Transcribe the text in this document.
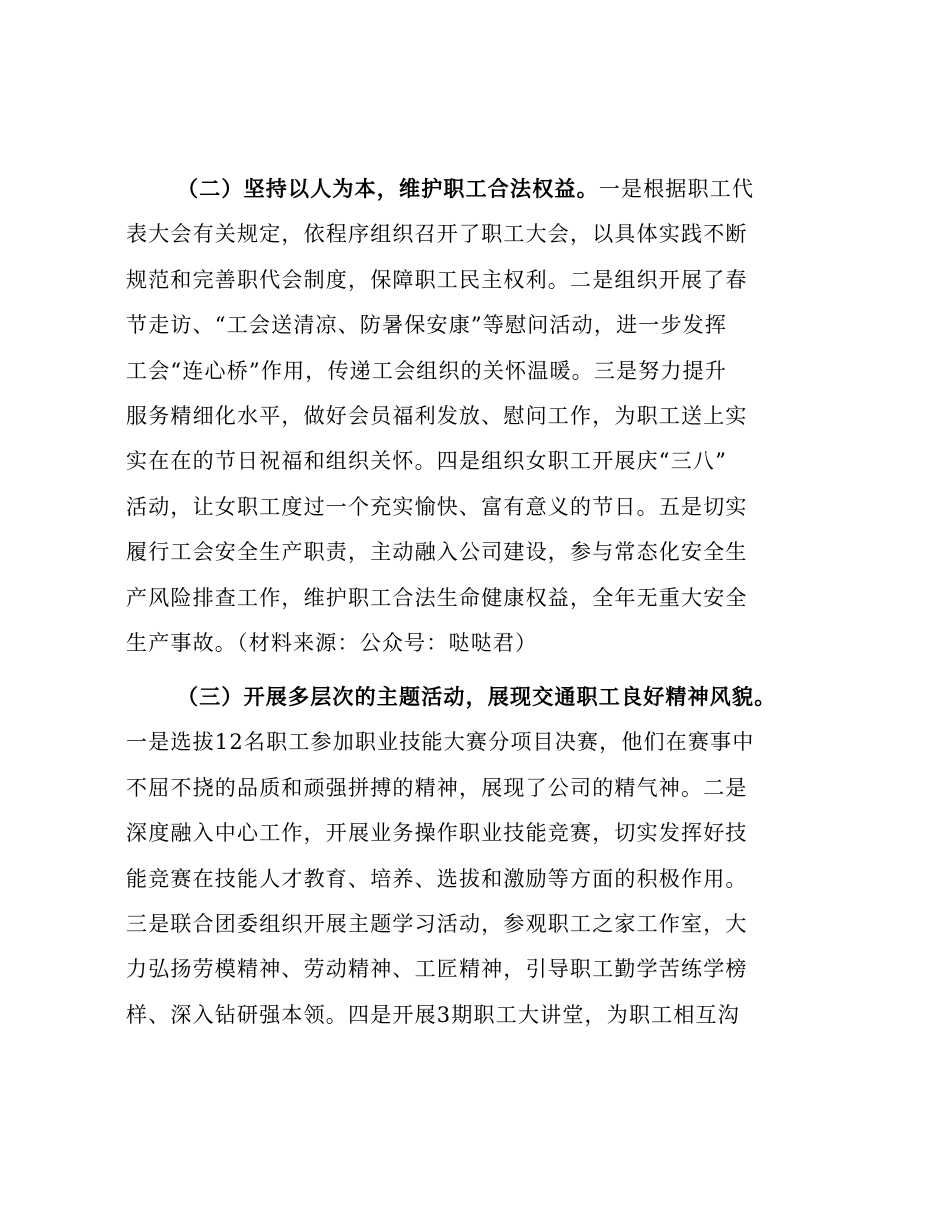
（二）坚持以人为本，维护职工合法权益。一是根据职工代
表大会有关规定，依程序组织召开了职工大会，以具体实践不断
规范和完善职代会制度，保障职工民主权利。二是组织开展了春
节走访、“工会送清凉、防暑保安康”等慰问活动，进一步发挥
工会“连心桥”作用，传递工会组织的关怀温暖。三是努力提升
服务精细化水平，做好会员福利发放、慰问工作，为职工送上实
实在在的节日祝福和组织关怀。四是组织女职工开展庆“三八”
活动，让女职工度过一个充实愉快、富有意义的节日。五是切实
履行工会安全生产职责，主动融入公司建设，参与常态化安全生
产风险排查工作，维护职工合法生命健康权益，全年无重大安全
生产事故。（材料来源：公众号：哒哒君）
（三）开展多层次的主题活动，展现交通职工良好精神风貌。
一是选拔12名职工参加职业技能大赛分项目决赛，他们在赛事中
不屈不挠的品质和顽强拼搏的精神，展现了公司的精气神。二是
深度融入中心工作，开展业务操作职业技能竞赛，切实发挥好技
能竞赛在技能人才教育、培养、选拔和激励等方面的积极作用。
三是联合团委组织开展主题学习活动，参观职工之家工作室，大
力弘扬劳模精神、劳动精神、工匠精神，引导职工勤学苦练学榜
样、深入钻研强本领。四是开展3期职工大讲堂，为职工相互沟
